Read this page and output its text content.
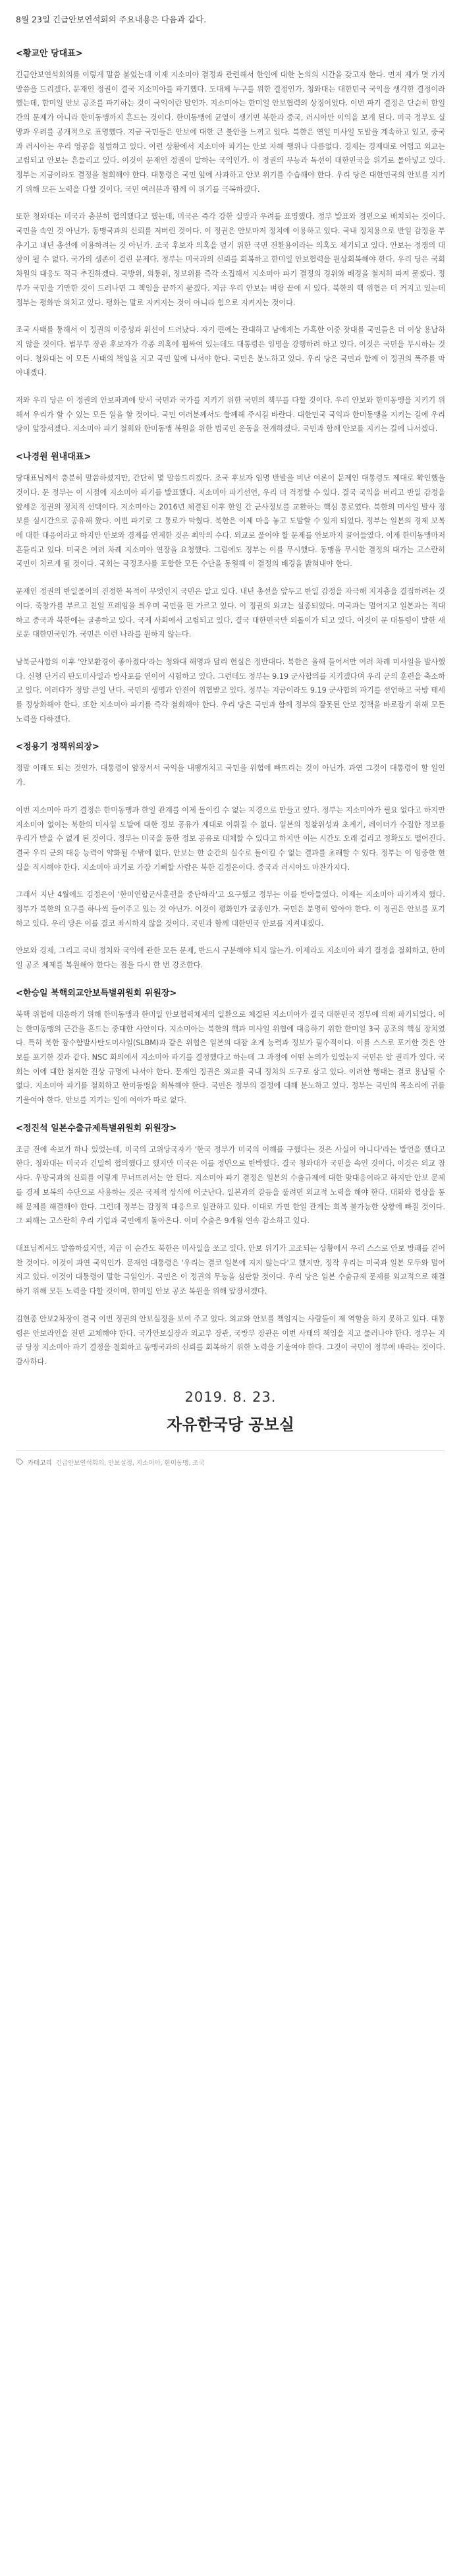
8월 23일 긴급안보연석회의 주요내용은 다음과 같다.

<황교안 당대표>

긴급안보연석회의를 이렇게 말씀 불었는데 이제 지소미아 결정과 관련해서 한인에 대한 논의의 시간을 갖고자 한다. 먼저 제가 몇 가지 말씀을 드리겠다. 문재인 정권이 결국 지소미아를 파기했다. 도대체 누구를 위한 결정인가. 청와대는 대한민국 국익을 생각한 결정이라 했는데, 한미일 안보 공조를 파기하는 것이 국익이란 말인가. 지소미아는 한미일 안보협력의 상징이었다. 이번 파기 결정은 단순히 한일 간의 문제가 아니라 한미동맹까지 흔드는 것이다. 한미동맹에 균열이 생기면 북한과 중국, 러시아만 이익을 보게 된다. 미국 정부도 실망과 우려를 공개적으로 표명했다. 지금 국민들은 안보에 대한 큰 불안을 느끼고 있다. 북한은 연일 미사일 도발을 계속하고 있고, 중국과 러시아는 우리 영공을 침범하고 있다. 이런 상황에서 지소미아 파기는 안보 자해 행위나 다름없다. 경제는 경제대로 어렵고 외교는 고립되고 안보는 흔들리고 있다. 이것이 문재인 정권이 말하는 국익인가. 이 정권의 무능과 독선이 대한민국을 위기로 몰아넣고 있다. 정부는 지금이라도 결정을 철회해야 한다. 대통령은 국민 앞에 사과하고 안보 위기를 수습해야 한다. 우리 당은 대한민국의 안보를 지키기 위해 모든 노력을 다할 것이다. 국민 여러분과 함께 이 위기를 극복하겠다.

또한 청와대는 미국과 충분히 협의했다고 했는데, 미국은 즉각 강한 실망과 우려를 표명했다. 정부 발표와 정면으로 배치되는 것이다. 국민을 속인 것 아닌가. 동맹국과의 신뢰를 저버린 것이다. 이 정권은 안보마저 정치에 이용하고 있다. 국내 정치용으로 반일 감정을 부추기고 내년 총선에 이용하려는 것 아닌가. 조국 후보자 의혹을 덮기 위한 국면 전환용이라는 의혹도 제기되고 있다. 안보는 정쟁의 대상이 될 수 없다. 국가의 생존이 걸린 문제다. 정부는 미국과의 신뢰를 회복하고 한미일 안보협력을 원상회복해야 한다. 우리 당은 국회 차원의 대응도 적극 추진하겠다. 국방위, 외통위, 정보위를 즉각 소집해서 지소미아 파기 결정의 경위와 배경을 철저히 따져 묻겠다. 정부가 국민을 기만한 것이 드러나면 그 책임을 끝까지 묻겠다. 지금 우리 안보는 벼랑 끝에 서 있다. 북한의 핵 위협은 더 커지고 있는데 정부는 평화만 외치고 있다. 평화는 말로 지켜지는 것이 아니라 힘으로 지켜지는 것이다.

조국 사태를 통해서 이 정권의 이중성과 위선이 드러났다. 자기 편에는 관대하고 남에게는 가혹한 이중 잣대를 국민들은 더 이상 용납하지 않을 것이다. 법무부 장관 후보자가 각종 의혹에 휩싸여 있는데도 대통령은 임명을 강행하려 하고 있다. 이것은 국민을 무시하는 것이다. 청와대는 이 모든 사태의 책임을 지고 국민 앞에 나서야 한다. 국민은 분노하고 있다. 우리 당은 국민과 함께 이 정권의 폭주를 막아내겠다.

저와 우리 당은 이 정권의 안보파괴에 맞서 국민과 국가를 지키기 위한 국민의 책무를 다할 것이다. 우리 안보와 한미동맹을 지키기 위해서 우리가 할 수 있는 모든 일을 할 것이다. 국민 여러분께서도 함께해 주시길 바란다. 대한민국 국익과 한미동맹을 지키는 길에 우리 당이 앞장서겠다. 지소미아 파기 철회와 한미동맹 복원을 위한 범국민 운동을 전개하겠다. 국민과 함께 안보를 지키는 길에 나서겠다.

<나경원 원내대표>

당대표님께서 충분히 말씀하셨지만, 간단히 몇 말씀드리겠다. 조국 후보자 임명 반발을 비난 여론이 문제인 대통령도 제대로 확인했을 것이다. 문 정부는 이 시점에 지소미아 파기를 발표했다. 지소미아 파기선언, 우리 더 걱정할 수 있다. 결국 국익을 버리고 반일 감정을 앞세운 정권의 정치적 선택이다. 지소미아는 2016년 체결된 이후 한일 간 군사정보를 교환하는 핵심 통로였다. 북한의 미사일 발사 정보를 실시간으로 공유해 왔다. 이번 파기로 그 통로가 막혔다. 북한은 이제 마음 놓고 도발할 수 있게 되었다. 정부는 일본의 경제 보복에 대한 대응이라고 하지만 안보와 경제를 연계한 것은 최악의 수다. 외교로 풀어야 할 문제를 안보까지 끌어들였다. 이제 한미동맹마저 흔들리고 있다. 미국은 여러 차례 지소미아 연장을 요청했다. 그럼에도 정부는 이를 무시했다. 동맹을 무시한 결정의 대가는 고스란히 국민이 치르게 될 것이다. 국회는 국정조사를 포함한 모든 수단을 동원해 이 결정의 배경을 밝혀내야 한다.

문재인 정권의 반일몰이의 진정한 목적이 무엇인지 국민은 알고 있다. 내년 총선을 앞두고 반일 감정을 자극해 지지층을 결집하려는 것이다. 죽창가를 부르고 친일 프레임을 씌우며 국민을 편 가르고 있다. 이 정권의 외교는 실종되었다. 미국과는 멀어지고 일본과는 적대하고 중국과 북한에는 굴종하고 있다. 국제 사회에서 고립되고 있다. 결국 대한민국만 외톨이가 되고 있다. 이것이 문 대통령이 말한 새로운 대한민국인가. 국민은 이런 나라를 원하지 않는다.

남북군사합의 이후 '안보환경이 좋아졌다'라는 청와대 해명과 달리 현실은 정반대다. 북한은 올해 들어서만 여러 차례 미사일을 발사했다. 신형 단거리 탄도미사일과 방사포를 연이어 시험하고 있다. 그런데도 정부는 9.19 군사합의를 지키겠다며 우리 군의 훈련을 축소하고 있다. 이러다가 정말 큰일 난다. 국민의 생명과 안전이 위협받고 있다. 정부는 지금이라도 9.19 군사합의 파기를 선언하고 국방 태세를 정상화해야 한다. 또한 지소미아 파기를 즉각 철회해야 한다. 우리 당은 국민과 함께 정부의 잘못된 안보 정책을 바로잡기 위해 모든 노력을 다하겠다.

<정용기 정책위의장>

정말 이래도 되는 것인가. 대통령이 앞장서서 국익을 내팽개치고 국민을 위험에 빠뜨리는 것이 아닌가. 과연 그것이 대통령이 할 일인가.

이번 지소미아 파기 결정은 한미동맹과 한일 관계를 이제 돌이킬 수 없는 지경으로 만들고 있다. 정부는 지소미아가 필요 없다고 하지만 지소미아 없이는 북한의 미사일 도발에 대한 정보 공유가 제대로 이뤄질 수 없다. 일본의 정찰위성과 초계기, 레이더가 수집한 정보를 우리가 받을 수 없게 된 것이다. 정부는 미국을 통한 정보 공유로 대체할 수 있다고 하지만 이는 시간도 오래 걸리고 정확도도 떨어진다. 결국 우리 군의 대응 능력이 약화될 수밖에 없다. 안보는 한 순간의 실수로 돌이킬 수 없는 결과를 초래할 수 있다. 정부는 이 엄중한 현실을 직시해야 한다. 지소미아 파기로 가장 기뻐할 사람은 북한 김정은이다. 중국과 러시아도 마찬가지다.

그래서 지난 4월에도 김정은이 '한미연합군사훈련을 중단하라'고 요구했고 정부는 이를 받아들였다. 이제는 지소미아 파기까지 했다. 정부가 북한의 요구를 하나씩 들어주고 있는 것 아닌가. 이것이 평화인가 굴종인가. 국민은 분명히 알아야 한다. 이 정권은 안보를 포기하고 있다. 우리 당은 이를 결코 좌시하지 않을 것이다. 국민과 함께 대한민국 안보를 지켜내겠다.

안보와 경제, 그리고 국내 정치와 국익에 관한 모든 문제, 반드시 구분해야 되지 않는가. 이제라도 지소미아 파기 결정을 철회하고, 한미일 공조 체제를 복원해야 한다는 점을 다시 한 번 강조한다.

<한승일 북핵외교안보특별위원회 위원장>

북핵 위협에 대응하기 위해 한미동맹과 한미일 안보협력체계의 일환으로 체결된 지소미아가 결국 대한민국 정부에 의해 파기되었다. 이는 한미동맹의 근간을 흔드는 중대한 사안이다. 지소미아는 북한의 핵과 미사일 위협에 대응하기 위한 한미일 3국 공조의 핵심 장치였다. 특히 북한 잠수함발사탄도미사일(SLBM)과 같은 위협은 일본의 대잠 초계 능력과 정보가 필수적이다. 이를 스스로 포기한 것은 안보를 포기한 것과 같다. NSC 회의에서 지소미아 파기를 결정했다고 하는데 그 과정에 어떤 논의가 있었는지 국민은 알 권리가 있다. 국회는 이에 대한 철저한 진상 규명에 나서야 한다. 문재인 정권은 외교를 국내 정치의 도구로 삼고 있다. 이러한 행태는 결코 용납될 수 없다. 지소미아 파기를 철회하고 한미동맹을 회복해야 한다. 국민은 정부의 결정에 대해 분노하고 있다. 정부는 국민의 목소리에 귀를 기울여야 한다. 안보를 지키는 일에 여야가 따로 없다.

<정진석 일본수출규제특별위원회 위원장>

조금 전에 속보가 하나 있었는데, 미국의 고위당국자가 '한국 정부가 미국의 이해를 구했다는 것은 사실이 아니다'라는 발언을 했다고 한다. 청와대는 미국과 긴밀히 협의했다고 했지만 미국은 이를 정면으로 반박했다. 결국 청와대가 국민을 속인 것이다. 이것은 외교 참사다. 우방국과의 신뢰를 이렇게 무너뜨려서는 안 된다. 지소미아 파기 결정은 일본의 수출규제에 대한 맞대응이라고 하지만 안보 문제를 경제 보복의 수단으로 사용하는 것은 국제적 상식에 어긋난다. 일본과의 갈등을 풀려면 외교적 노력을 해야 한다. 대화와 협상을 통해 문제를 해결해야 한다. 그런데 정부는 감정적 대응으로 일관하고 있다. 이대로 가면 한일 관계는 회복 불가능한 상황에 빠질 것이다. 그 피해는 고스란히 우리 기업과 국민에게 돌아온다. 이미 수출은 9개월 연속 감소하고 있다.

대표님께서도 말씀하셨지만, 지금 이 순간도 북한은 미사일을 쏘고 있다. 안보 위기가 고조되는 상황에서 우리 스스로 안보 방패를 걷어찬 것이다. 이것이 과연 국익인가. 문재인 대통령은 '우리는 결코 일본에 지지 않는다'고 했지만, 정작 우리는 미국과 일본 모두와 멀어지고 있다. 이것이 대통령이 말한 극일인가. 국민은 이 정권의 무능을 심판할 것이다. 우리 당은 일본 수출규제 문제를 외교적으로 해결하기 위해 모든 노력을 다할 것이며, 한미일 안보 공조 복원을 위해 앞장서겠다.

김현종 안보2차장이 결국 이번 정권의 안보실정을 보여 주고 있다. 외교와 안보를 책임지는 사람들이 제 역할을 하지 못하고 있다. 대통령은 안보라인을 전면 교체해야 한다. 국가안보실장과 외교부 장관, 국방부 장관은 이번 사태의 책임을 지고 물러나야 한다. 정부는 지금 당장 지소미아 파기 결정을 철회하고 동맹국과의 신뢰를 회복하기 위한 노력을 기울여야 한다. 그것이 국민이 정부에 바라는 것이다. 감사하다.

2019. 8. 23.

자유한국당 공보실

카테고리 긴급안보연석회의, 안보실정, 지소미아, 한미동맹, 조국
